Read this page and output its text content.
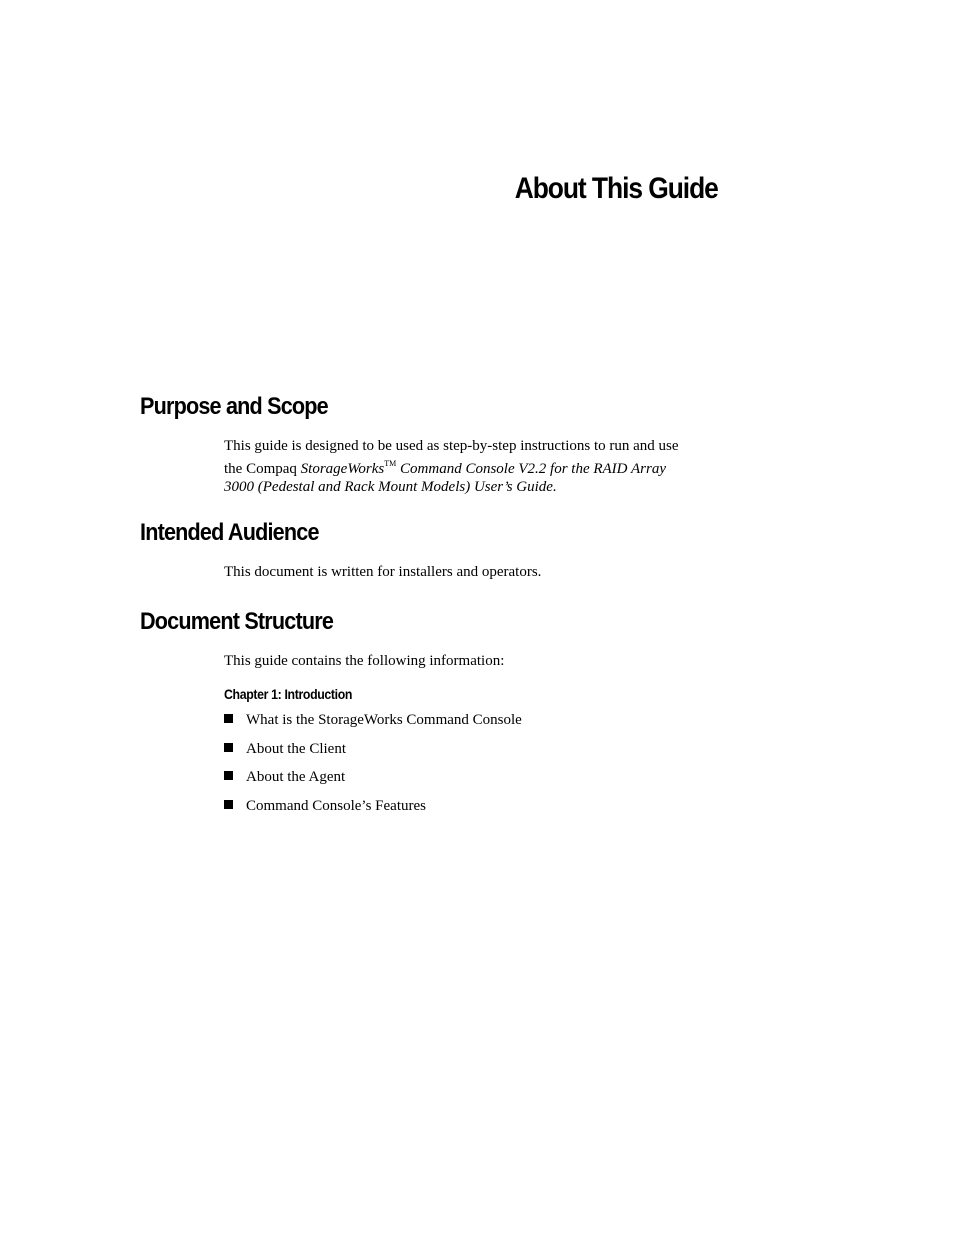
About This Guide
Purpose and Scope

This guide is designed to be used as step-by-step instructions to run and use
the Compaq StorageWorks™ Command Console V2.2 for the RAID Array
3000 (Pedestal and Rack Mount Models) User’s Guide.

Intended Audience

This document is written for installers and operators.

Document Structure

This guide contains the following information:

Chapter 1: Introduction
What is the StorageWorks Command Console
About the Client
About the Agent
Command Console’s Features
